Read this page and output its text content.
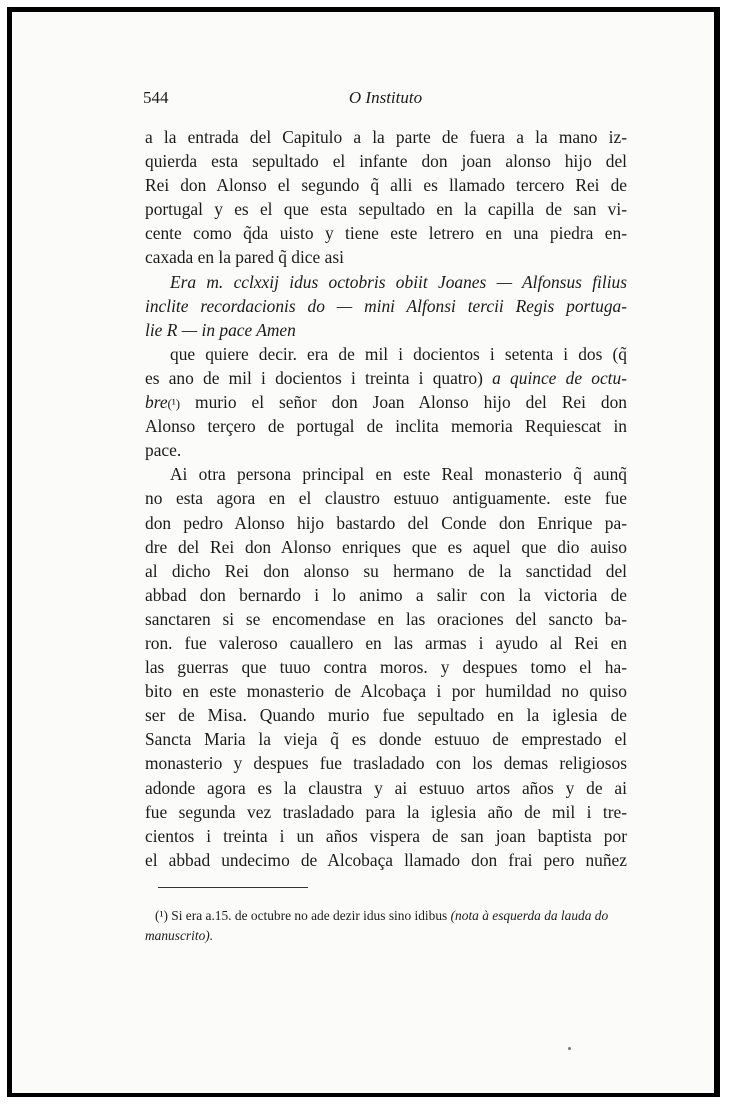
544	O Instituto
a la entrada del Capitulo a la parte de fuera a la mano iz-
quierda esta sepultado el infante don joan alonso hijo del
Rei don Alonso el segundo q̃ alli es llamado tercero Rei de
portugal y es el que esta sepultado en la capilla de san vi-
cente como q̃da uisto y tiene este letrero en una piedra en-
caxada en la pared q̃ dice asi
Era m. cclxxij idus octobris obiit Joanes — Alfonsus filius
inclite recordacionis do — mini Alfonsi tercii Regis portuga-
lie R — in pace Amen
que quiere decir. era de mil i docientos i setenta i dos (q̃
es ano de mil i docientos i treinta i quatro) a quince de octu-
bre(¹) murio el señor don Joan Alonso hijo del Rei don
Alonso terçero de portugal de inclita memoria Requiescat in
pace.
Ai otra persona principal en este Real monasterio q̃ aunq̃
no esta agora en el claustro estuuo antiguamente. este fue
don pedro Alonso hijo bastardo del Conde don Enrique pa-
dre del Rei don Alonso enriques que es aquel que dio auiso
al dicho Rei don alonso su hermano de la sanctidad del
abbad don bernardo i lo animo a salir con la victoria de
sanctaren si se encomendase en las oraciones del sancto ba-
ron. fue valeroso cauallero en las armas i ayudo al Rei en
las guerras que tuuo contra moros. y despues tomo el ha-
bito en este monasterio de Alcobaça i por humildad no quiso
ser de Misa. Quando murio fue sepultado en la iglesia de
Sancta Maria la vieja q̃ es donde estuuo de emprestado el
monasterio y despues fue trasladado con los demas religiosos
adonde agora es la claustra y ai estuuo artos años y de ai
fue segunda vez trasladado para la iglesia año de mil i tre-
cientos i treinta i un años vispera de san joan baptista por
el abbad undecimo de Alcobaça llamado don frai pero nuñez
(¹) Si era a.15. de octubre no ade dezir idus sino idibus (nota à esquerda da lauda do manuscrito).
